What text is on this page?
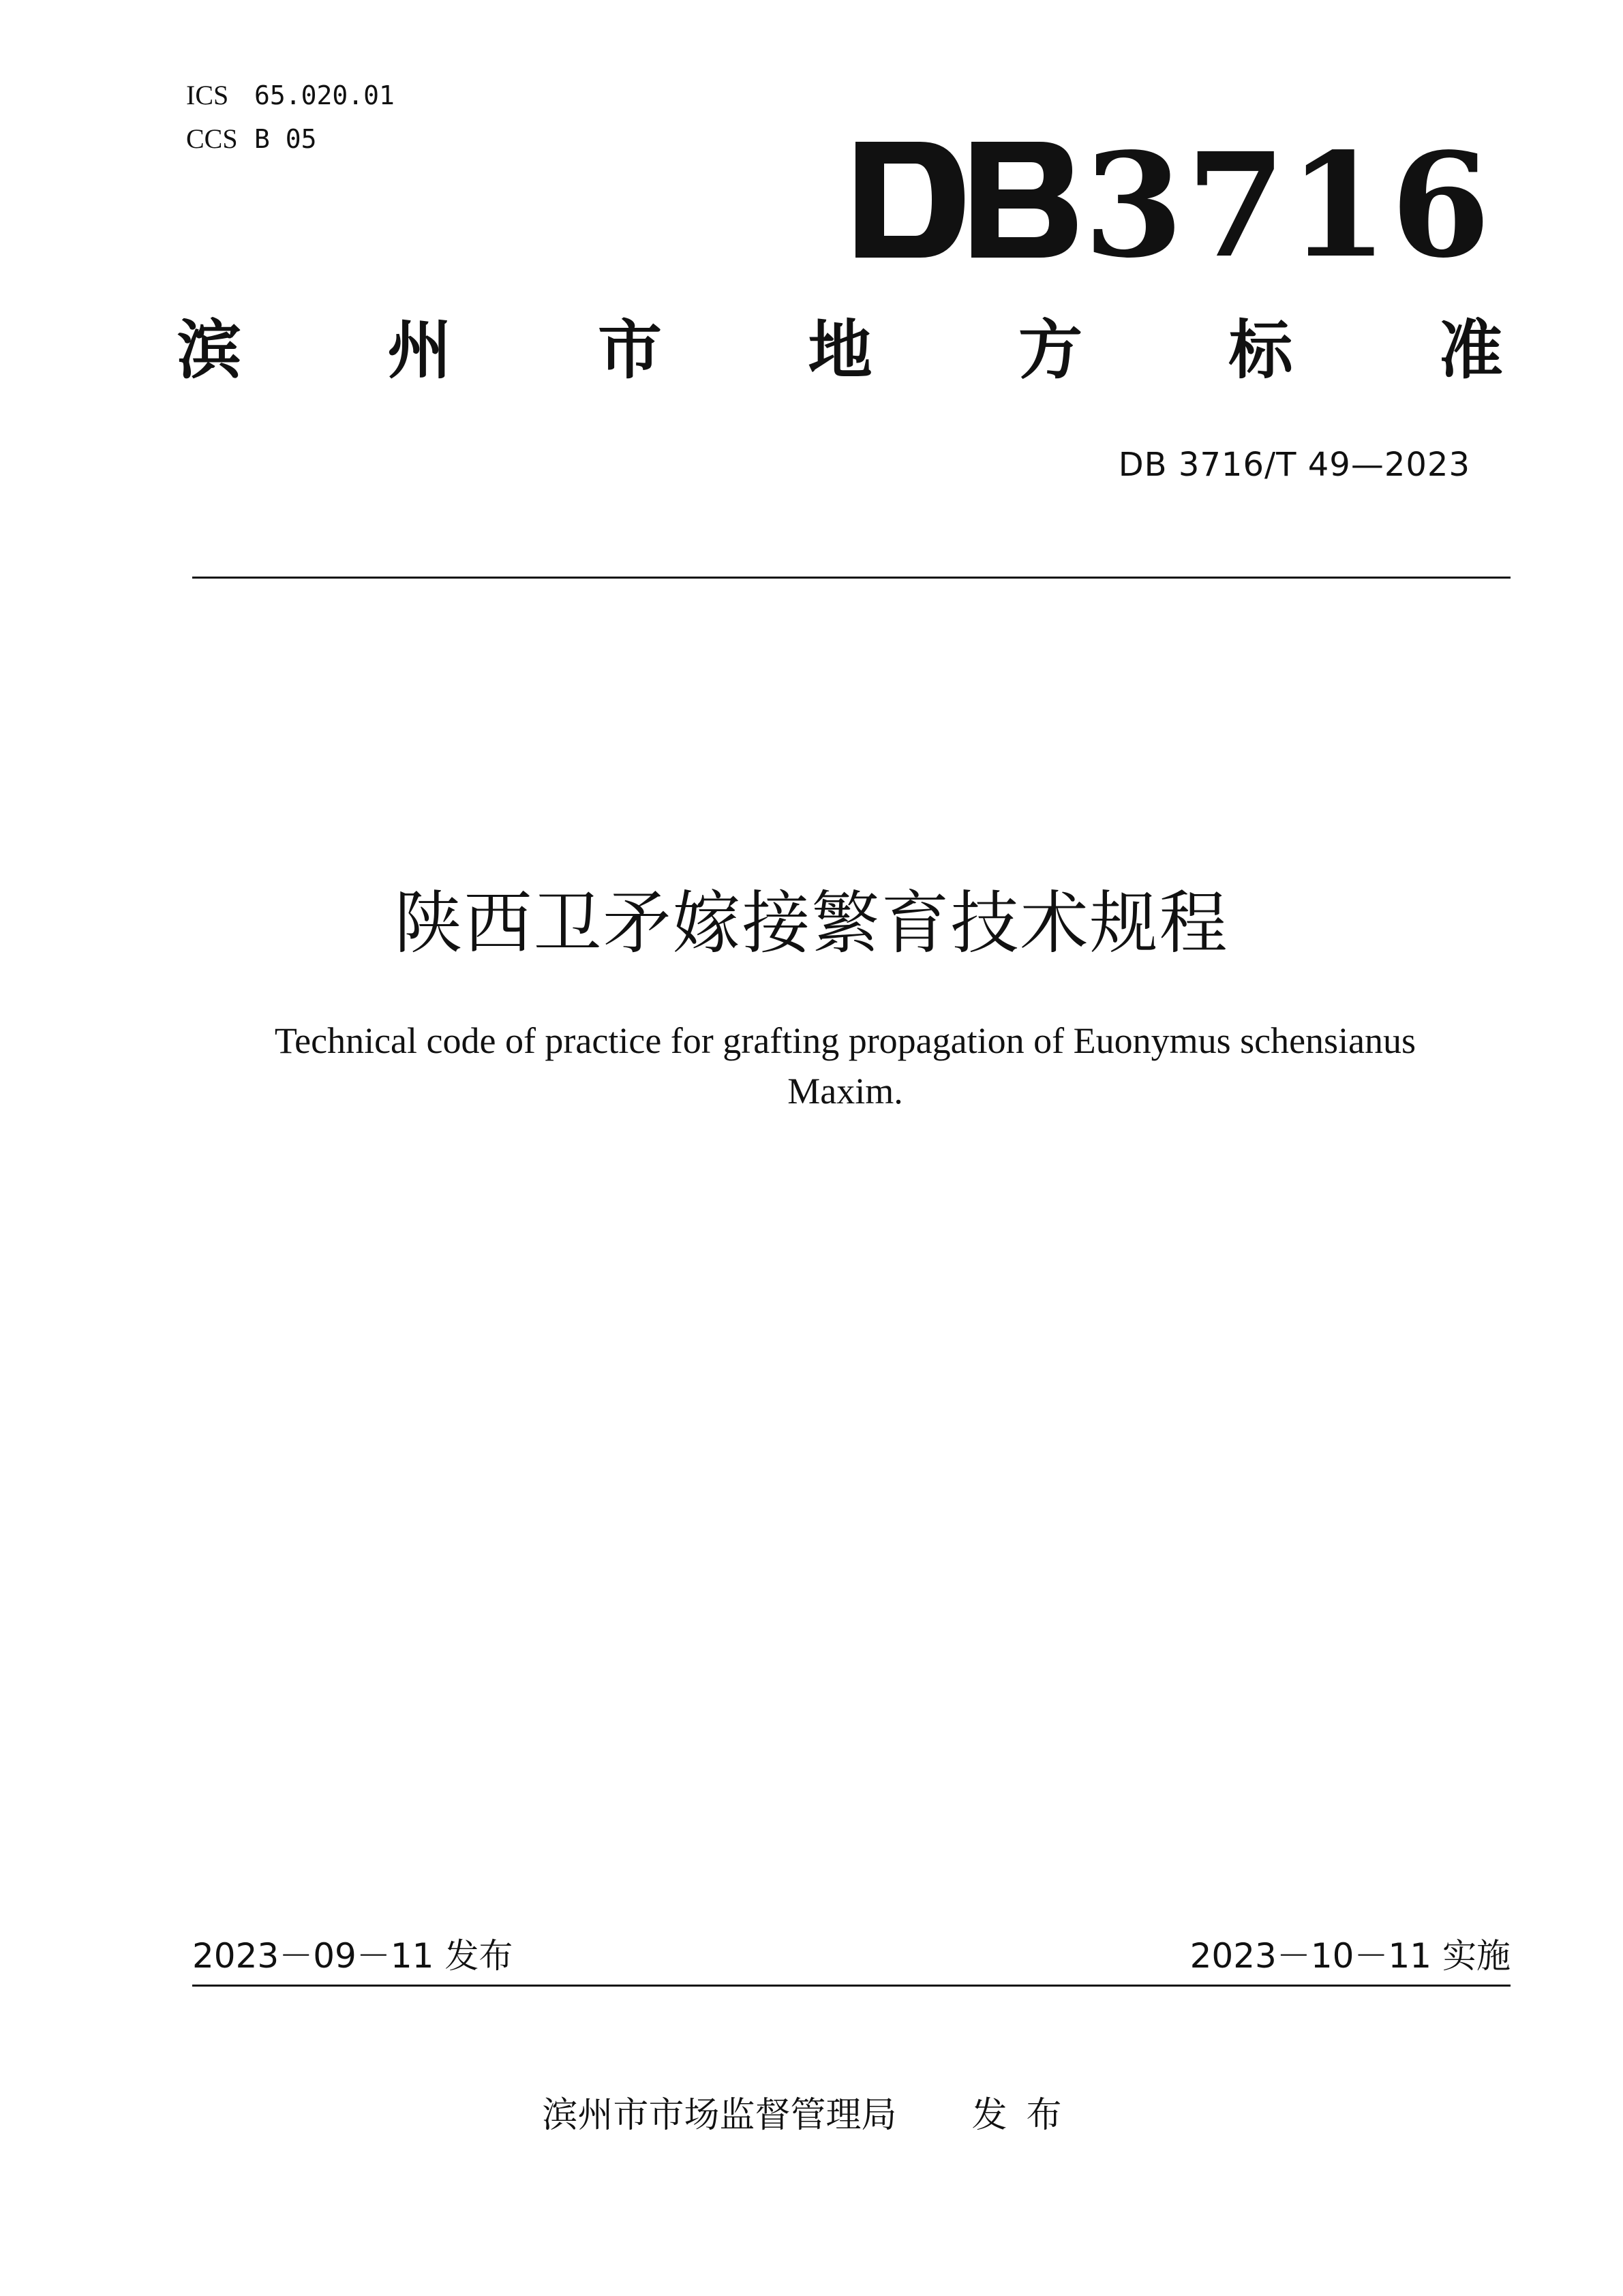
ICS 65.020.01
CCS B 05	3716
滨 州 市 地 方 标 准
DB 3716/T 49—2023
陕西卫矛嫁接繁育技术规程
Technical code of practice for grafting propagation of Euonymus schensianus Maxim.
2023－09－11 发布	2023－10－11 实施
滨州市市场监督管理局 发布
